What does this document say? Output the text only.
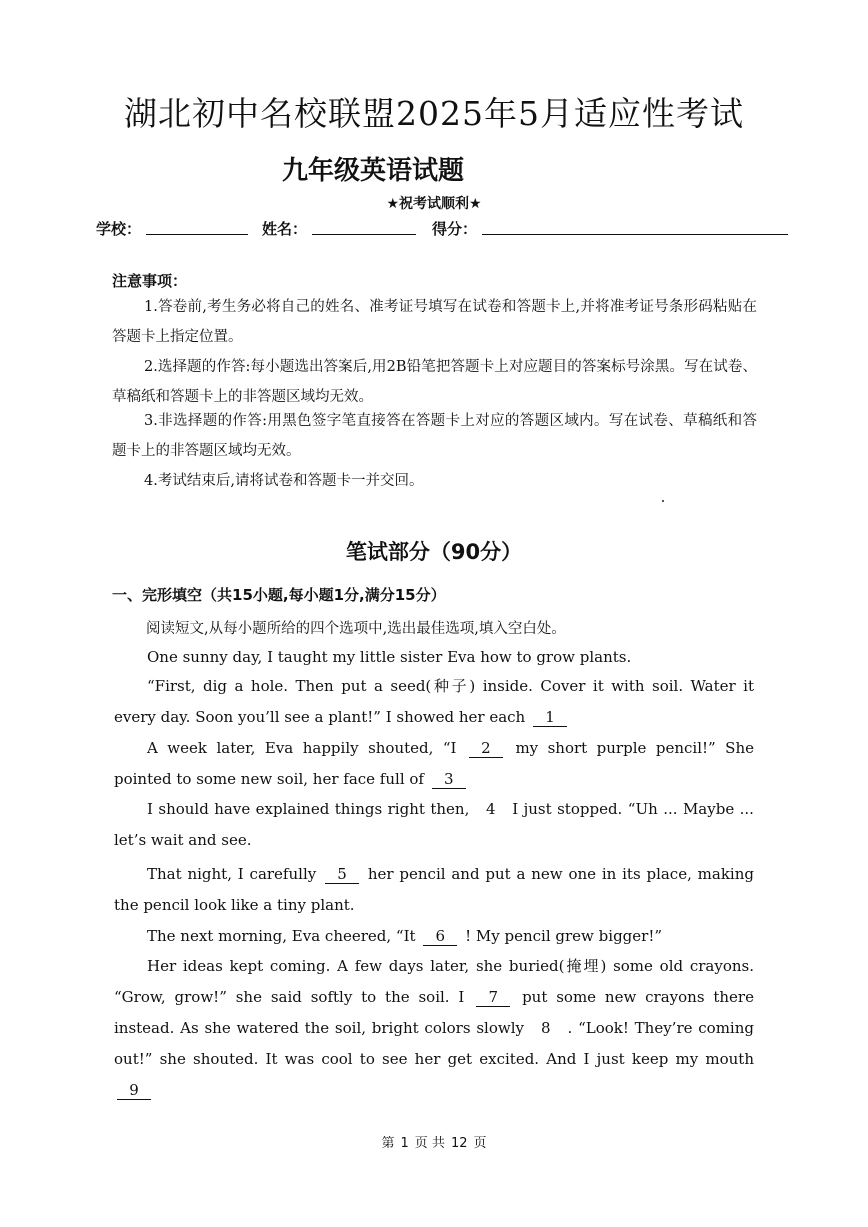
湖北初中名校联盟2025年5月适应性考试
九年级英语试题
★祝考试顺利★
学校：	姓名：	得分：
注意事项：
1.答卷前,考生务必将自己的姓名、准考证号填写在试卷和答题卡上,并将准考证号条形码粘贴在答题卡上指定位置。
2.选择题的作答:每小题选出答案后,用2B铅笔把答题卡上对应题目的答案标号涂黑。写在试卷、草稿纸和答题卡上的非答题区域均无效。
3.非选择题的作答:用黑色签字笔直接答在答题卡上对应的答题区域内。写在试卷、草稿纸和答题卡上的非答题区域均无效。
4.考试结束后,请将试卷和答题卡一并交回。
笔试部分（90分）
一、完形填空（共15小题,每小题1分,满分15分）
阅读短文,从每小题所给的四个选项中,选出最佳选项,填入空白处。
One sunny day, I taught my little sister Eva how to grow plants.
“First, dig a hole. Then put a seed(种子) inside. Cover it with soil. Water it every day. Soon you’ll see a plant!” I showed her each 1
A week later, Eva happily shouted, “I 2 my short purple pencil!” She pointed to some new soil, her face full of 3
I should have explained things right then, 4 I just stopped. “Uh ... Maybe ... let’s wait and see.
That night, I carefully 5 her pencil and put a new one in its place, making the pencil look like a tiny plant.
The next morning, Eva cheered, “It 6 ! My pencil grew bigger!”
Her ideas kept coming. A few days later, she buried(掩埋) some old crayons. “Grow, grow!” she said softly to the soil. I 7 put some new crayons there instead. As she watered the soil, bright colors slowly 8 . “Look! They’re coming out!” she shouted. It was cool to see her get excited. And I just keep my mouth 9
第 1 页 共 12 页
